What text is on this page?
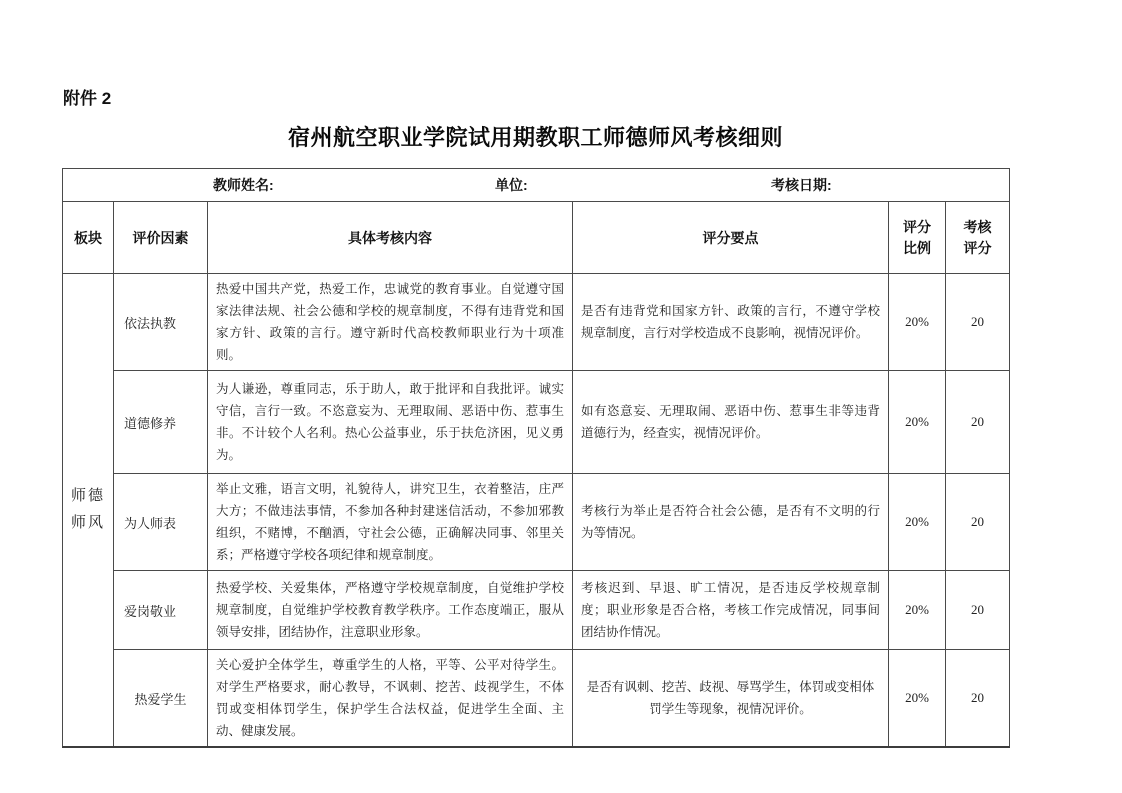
附件 2
宿州航空职业学院试用期教职工师德师风考核细则
教师姓名: 单位: 考核日期:					

板块	评价因素	具体考核内容	评分要点	评分比例	考核评分
师德师风	依法执教	热爱中国共产党，热爱工作，忠诚党的教育事业。自觉遵守国家法律法规、社会公德和学校的规章制度，不得有违背党和国家方针、政策的言行。遵守新时代高校教师职业行为十项准则。	是否有违背党和国家方针、政策的言行，不遵守学校规章制度，言行对学校造成不良影响，视情况评价。	20%	20
	道德修养	为人谦逊，尊重同志，乐于助人，敢于批评和自我批评。诚实守信，言行一致。不恣意妄为、无理取闹、恶语中伤、惹事生非。不计较个人名利。热心公益事业，乐于扶危济困，见义勇为。	如有恣意妄、无理取闹、恶语中伤、惹事生非等违背道德行为，经查实，视情况评价。	20%	20
	为人师表	举止文雅，语言文明，礼貌待人，讲究卫生，衣着整洁，庄严大方；不做违法事情，不参加各种封建迷信活动，不参加邪教组织，不赌博，不酗酒，守社会公德，正确解决同事、邻里关系；严格遵守学校各项纪律和规章制度。	考核行为举止是否符合社会公德，是否有不文明的行为等情况。	20%	20
	爱岗敬业	热爱学校、关爱集体，严格遵守学校规章制度，自觉维护学校规章制度，自觉维护学校教育教学秩序。工作态度端正，服从领导安排，团结协作，注意职业形象。	考核迟到、早退、旷工情况，是否违反学校规章制度；职业形象是否合格，考核工作完成情况，同事间团结协作情况。	20%	20
	热爱学生	关心爱护全体学生，尊重学生的人格，平等、公平对待学生。对学生严格要求，耐心教导，不讽刺、挖苦、歧视学生，不体罚或变相体罚学生，保护学生合法权益，促进学生全面、主动、健康发展。	是否有讽刺、挖苦、歧视、辱骂学生，体罚或变相体罚学生等现象，视情况评价。	20%	20
